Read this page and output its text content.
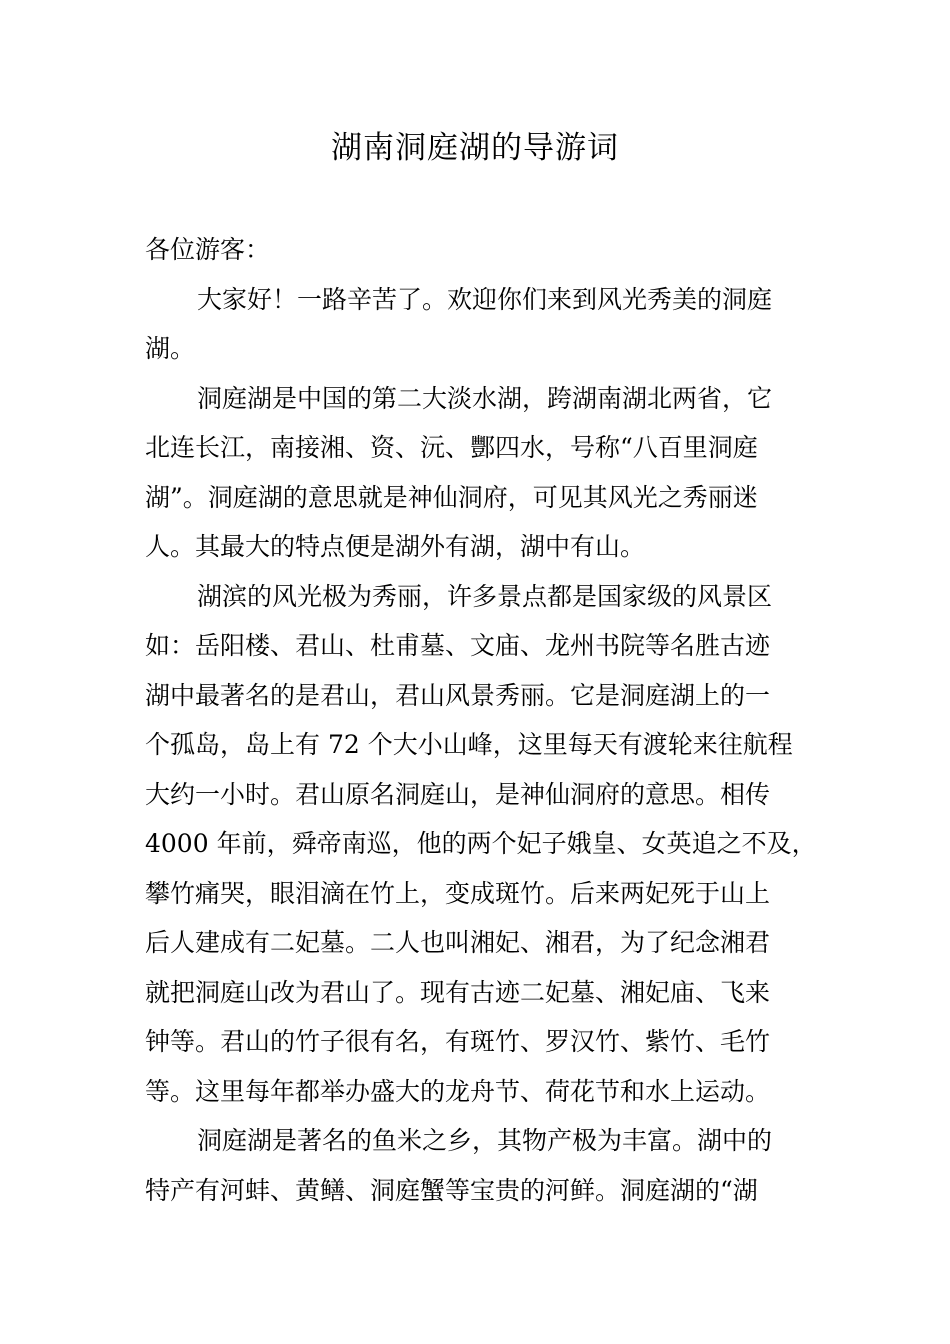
湖南洞庭湖的导游词
各位游客：
大家好！一路辛苦了。欢迎你们来到风光秀美的洞庭
湖。
洞庭湖是中国的第二大淡水湖，跨湖南湖北两省，它
北连长江，南接湘、资、沅、酆四水，号称“八百里洞庭
湖”。洞庭湖的意思就是神仙洞府，可见其风光之秀丽迷
人。其最大的特点便是湖外有湖，湖中有山。
湖滨的风光极为秀丽，许多景点都是国家级的风景区
如：岳阳楼、君山、杜甫墓、文庙、龙州书院等名胜古迹
湖中最著名的是君山，君山风景秀丽。它是洞庭湖上的一
个孤岛，岛上有 72 个大小山峰，这里每天有渡轮来往航程
大约一小时。君山原名洞庭山，是神仙洞府的意思。相传
4000 年前，舜帝南巡，他的两个妃子娥皇、女英追之不及，
攀竹痛哭，眼泪滴在竹上，变成斑竹。后来两妃死于山上
后人建成有二妃墓。二人也叫湘妃、湘君，为了纪念湘君
就把洞庭山改为君山了。现有古迹二妃墓、湘妃庙、飞来
钟等。君山的竹子很有名，有斑竹、罗汉竹、紫竹、毛竹
等。这里每年都举办盛大的龙舟节、荷花节和水上运动。
洞庭湖是著名的鱼米之乡，其物产极为丰富。湖中的
特产有河蚌、黄鳝、洞庭蟹等宝贵的河鲜。洞庭湖的“湖
